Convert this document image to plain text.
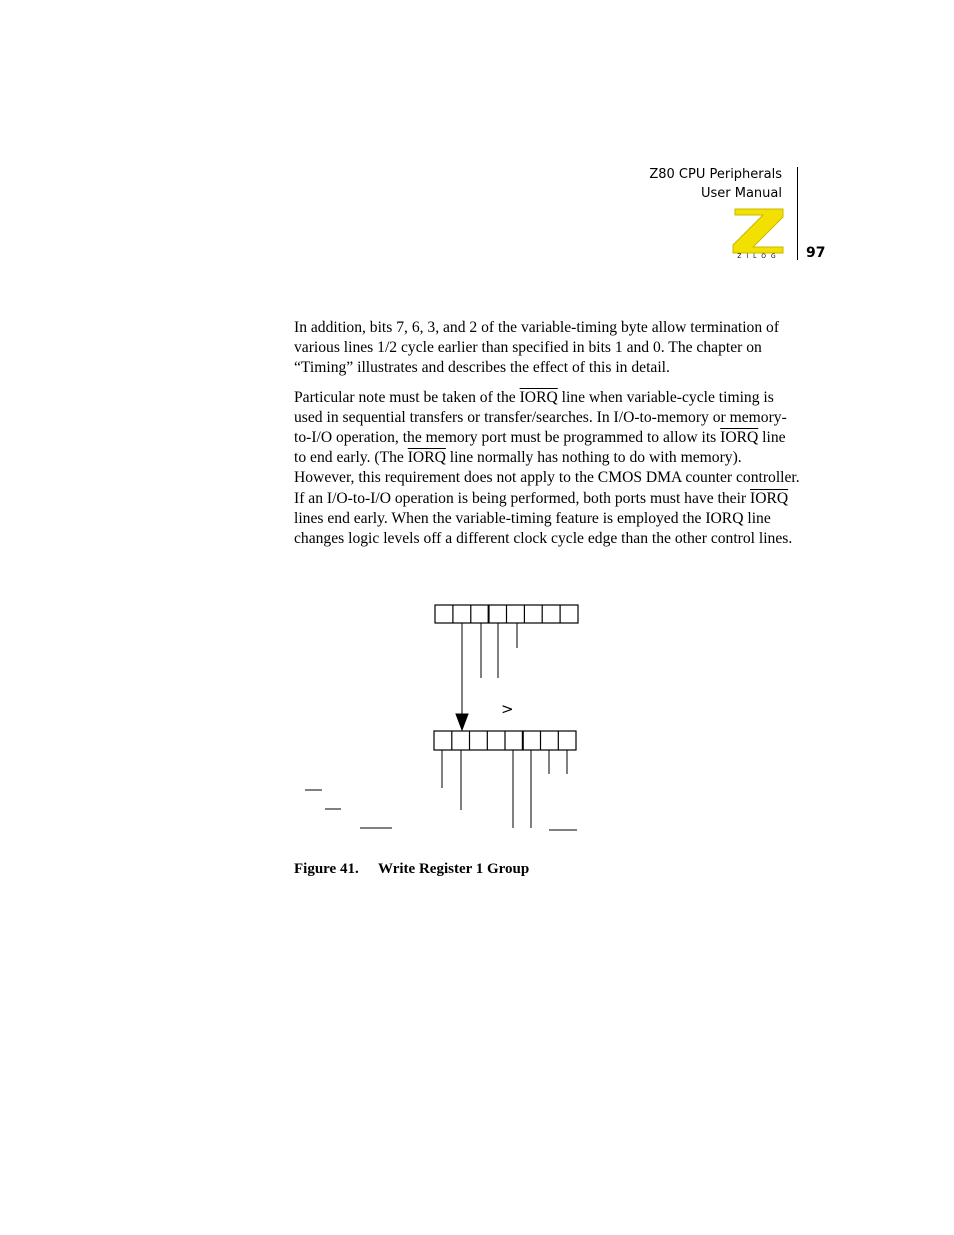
Z80 CPU Peripherals
User Manual
ZILOG	97

In addition, bits 7, 6, 3, and 2 of the variable-timing byte allow termination of various lines 1/2 cycle earlier than specified in bits 1 and 0. The chapter on “Timing” illustrates and describes the effect of this in detail.

Particular note must be taken of the IORQ line when variable-cycle timing is used in sequential transfers or transfer/searches. In I/O-to-memory or memory-to-I/O operation, the memory port must be programmed to allow its IORQ line to end early. (The IORQ line normally has nothing to do with memory). However, this requirement does not apply to the CMOS DMA counter controller. If an I/O-to-I/O operation is being performed, both ports must have their IORQ lines end early. When the variable-timing feature is employed the IORQ line changes logic levels off a different clock cycle edge than the other control lines.

>
Figure 41. Write Register 1 Group
